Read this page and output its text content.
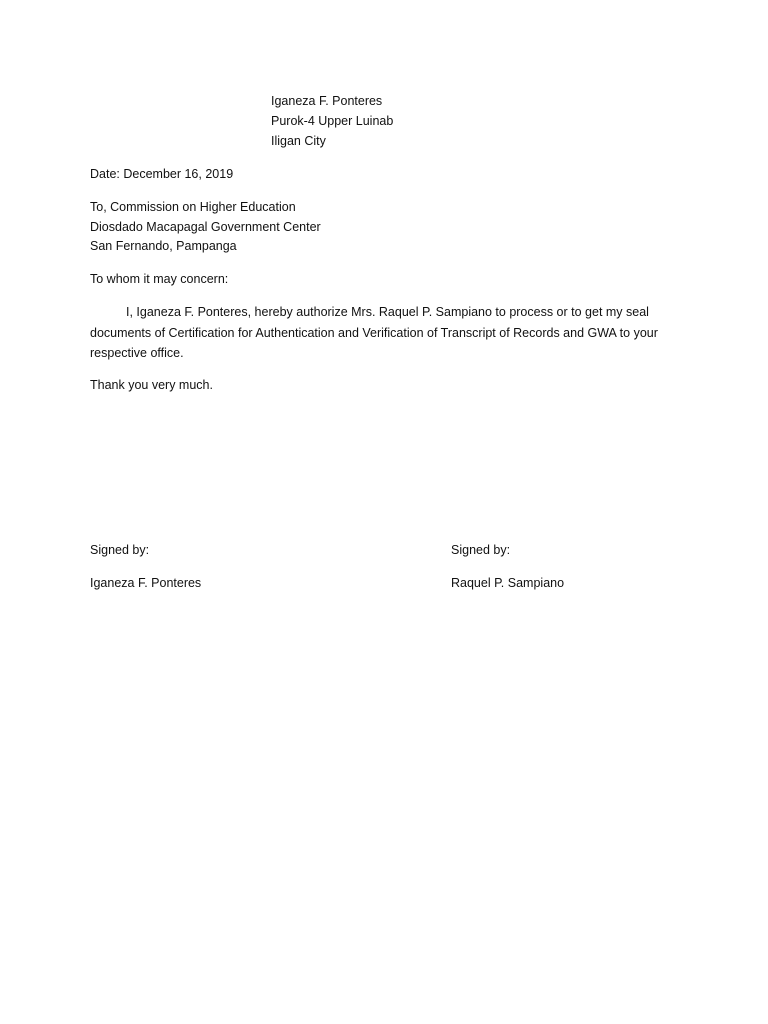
Iganeza F. Ponteres
Purok-4 Upper Luinab
Iligan City
Date: December 16, 2019
To, Commission on Higher Education
Diosdado Macapagal Government Center
San Fernando, Pampanga
To whom it may concern:
I, Iganeza F. Ponteres, hereby authorize Mrs. Raquel P. Sampiano to process or to get my seal documents of Certification for Authentication and Verification of Transcript of Records and GWA to your respective office.
Thank you very much.
Signed by:
Iganeza F. Ponteres
Signed by:
Raquel P. Sampiano
